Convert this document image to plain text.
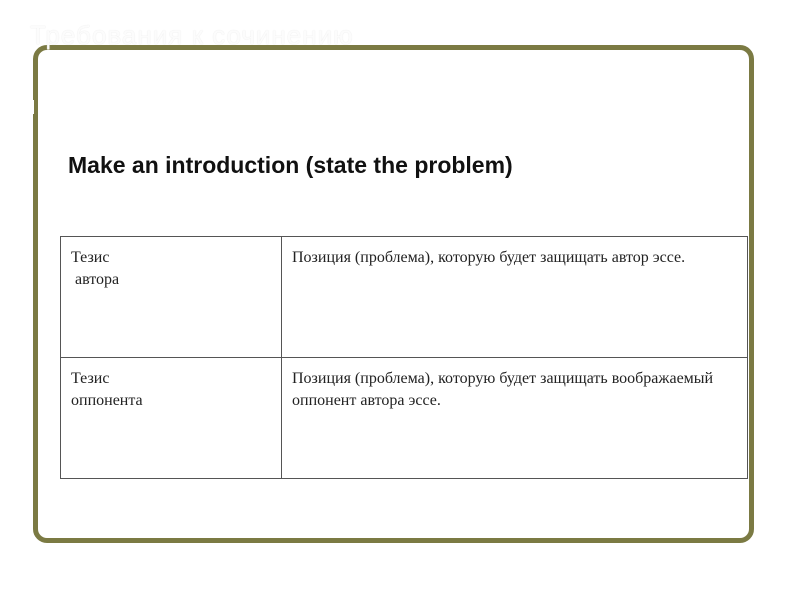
Требования к сочинению
Make an introduction (state the problem)
Тезис
автора	Позиция (проблема), которую будет защищать автор эссе.

Тезис
оппонента	Позиция (проблема), которую будет защищать воображаемый оппонент автора эссе.
